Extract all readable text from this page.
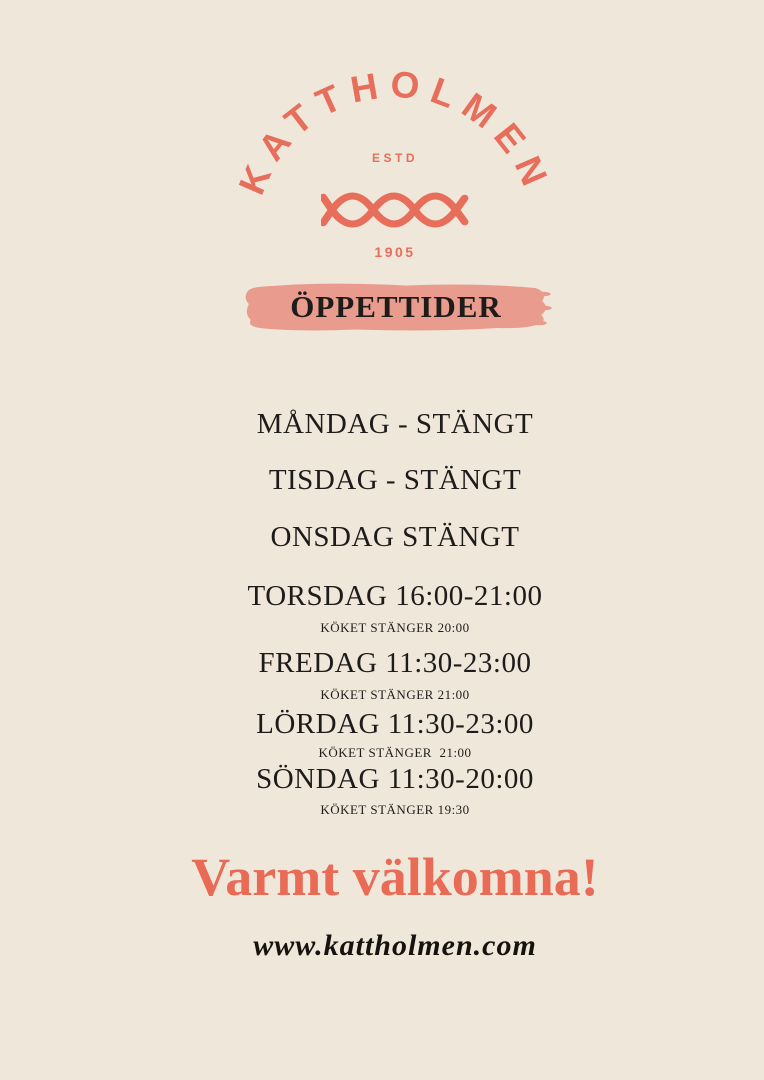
KATTHOLMEN
ESTD
1905
ÖPPETTIDER
MÅNDAG - STÄNGT
TISDAG - STÄNGT
ONSDAG STÄNGT
TORSDAG 16:00-21:00
KÖKET STÄNGER 20:00
FREDAG 11:30-23:00
KÖKET STÄNGER 21:00
LÖRDAG 11:30-23:00
KÖKET STÄNGER  21:00
SÖNDAG 11:30-20:00
KÖKET STÄNGER 19:30
Varmt välkomna!
www.kattholmen.com
